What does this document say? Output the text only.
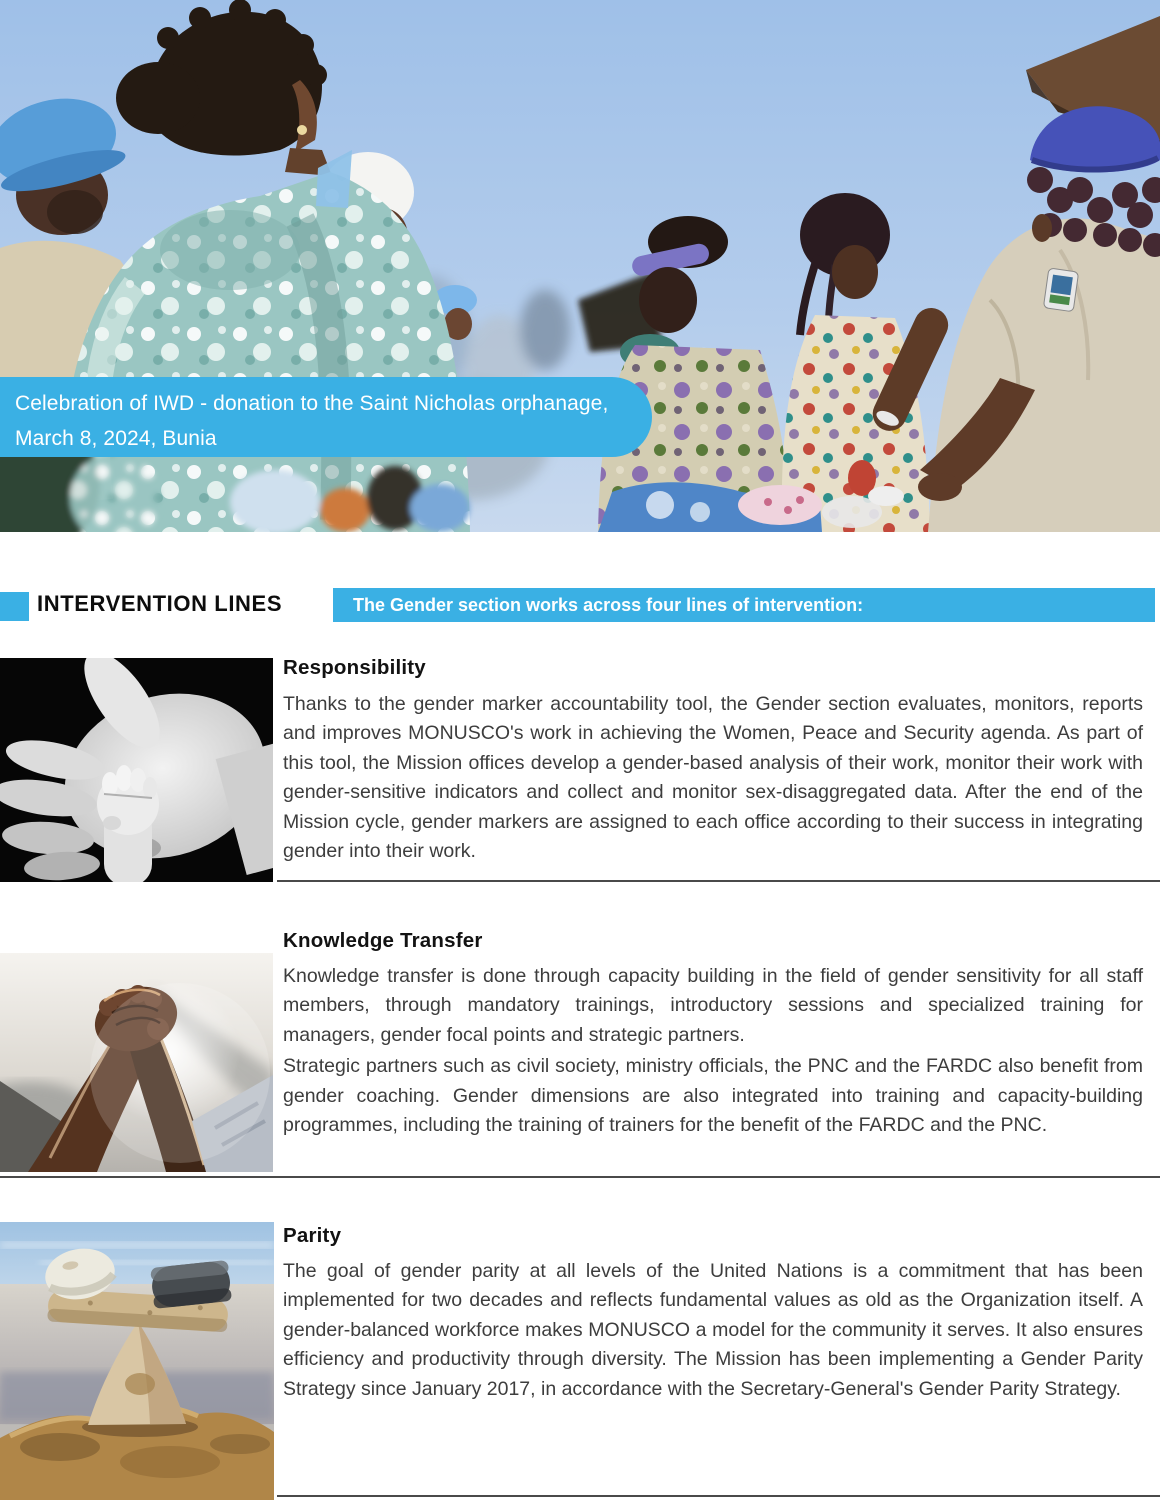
Celebration of IWD - donation to the Saint Nicholas orphanage,
March 8, 2024, Bunia
INTERVENTION LINES	The Gender section works across four lines of intervention:
Responsibility

Thanks to the gender marker accountability tool, the Gender section evaluates, monitors, reports and improves MONUSCO's work in achieving the Women, Peace and Security agenda. As part of this tool, the Mission offices develop a gender-based analysis of their work, monitor their work with gender-sensitive indicators and collect and monitor sex-disaggregated data. After the end of the Mission cycle, gender markers are assigned to each office according to their success in integrating gender into their work.

Knowledge Transfer

Knowledge transfer is done through capacity building in the field of gender sensitivity for all staff members, through mandatory trainings, introductory sessions and specialized training for managers, gender focal points and strategic partners.

Strategic partners such as civil society, ministry officials, the PNC and the FARDC also benefit from gender coaching. Gender dimensions are also integrated into training and capacity-building programmes, including the training of trainers for the benefit of the FARDC and the PNC.

Parity

The goal of gender parity at all levels of the United Nations is a commitment that has been implemented for two decades and reflects fundamental values as old as the Organization itself. A gender-balanced workforce makes MONUSCO a model for the community it serves. It also ensures efficiency and productivity through diversity. The Mission has been implementing a Gender Parity Strategy since January 2017, in accordance with the Secretary-General's Gender Parity Strategy.
